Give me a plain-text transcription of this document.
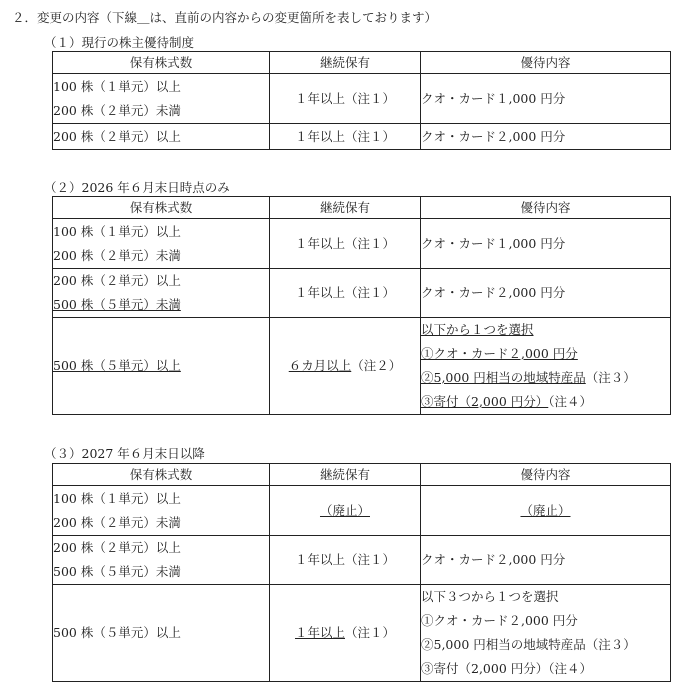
２．変更の内容（下線＿は、直前の内容からの変更箇所を表しております）
（１）現行の株主優待制度
保有株式数	継続保有	優待内容

100 株（１単元）以上
200 株（２単元）未満	１年以上（注１）	クオ・カード１,000 円分
200 株（２単元）以上	１年以上（注１）	クオ・カード２,000 円分
（２）2026 年６月末日時点のみ
保有株式数	継続保有	優待内容

100 株（１単元）以上
200 株（２単元）未満	１年以上（注１）	クオ・カード１,000 円分

200 株（２単元）以上
500 株（５単元）未満	１年以上（注１）	クオ・カード２,000 円分
500 株（５単元）以上	６カ月以上（注２）	以下から１つを選択
①クオ・カード２,000 円分
②5,000 円相当の地域特産品（注３）
③寄付（2,000 円分）（注４）
（３）2027 年６月末日以降
保有株式数	継続保有	優待内容

100 株（１単元）以上
200 株（２単元）未満	（廃止）	（廃止）

200 株（２単元）以上
500 株（５単元）未満	１年以上（注１）	クオ・カード２,000 円分
500 株（５単元）以上	１年以上（注１）	以下３つから１つを選択
①クオ・カード２,000 円分
②5,000 円相当の地域特産品（注３）
③寄付（2,000 円分）（注４）
